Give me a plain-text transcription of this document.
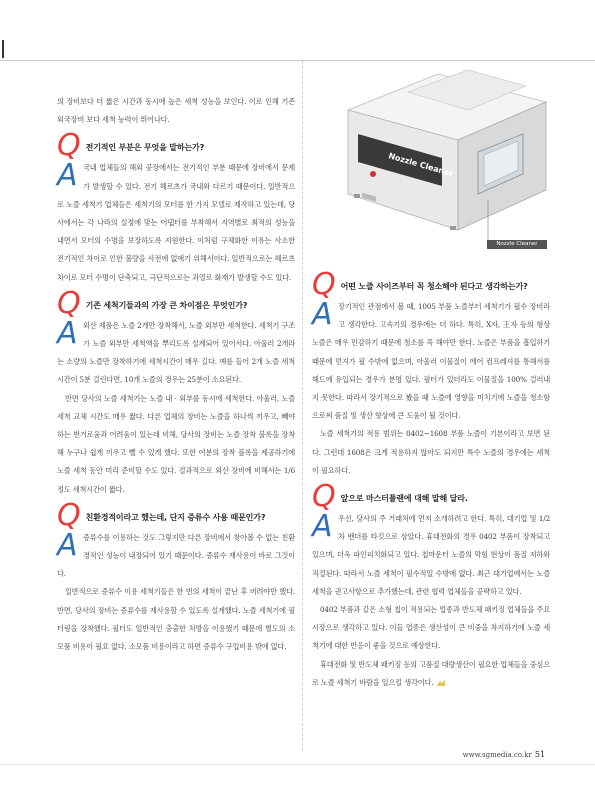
의 장비보다 더 짧은 시간과 동시에 높은 세척 성능을 보인다. 이로 인해 기존 외국장비 보다 세척 능력이 뛰어나다.

Q 전기적인 부분은 무엇을 말하는가?
A 국내 업체들의 해외 공장에서는 전기적인 부분 때문에 장비에서 문제가 발생할 수 있다. 전기 헤르츠가 국내와 다르기 때문이다. 일반적으로 노즐 세척기 업체들은 세척기의 모터를 한 가지 모델로 제작하고 있는데, 당사에서는 각 나라의 실정에 맞는 어댑터를 부착해서 지역별로 최적의 성능을 내면서 모터의 수명을 보장하도록 지원한다. 이처럼 구체화한 이유는 사소한 전기적인 차이로 인한 불량을 사전에 없애기 위해서이다. 일반적으로는 헤르츠 차이로 모터 수명이 단축되고, 극단적으로는 과열로 화재가 발생할 수도 있다.

Q 기존 세척기들과의 가장 큰 차이점은 무엇인가?
A 외산 제품은 노즐 2개만 장착해서, 노즐 외부만 세척한다. 세척기 구조가 노즐 외부만 세척액을 뿌리도록 설계되어 있어서다. 아울러 2개라는 소량의 노즐만 장착하기에 세척시간이 매우 길다. 예를 들어 2개 노즐 세척 시간이 5분 걸린다면, 10개 노즐의 경우는 25분이 소요된다.

반면 당사의 노즐 세척기는 노즐 내 · 외부를 동시에 세척한다. 아울러, 노즐 세척 교체 시간도 매우 짧다. 다른 업체의 장비는 노즐을 하나씩 끼우고, 빼야 하는 번거로움과 어려움이 있는데 비해, 당사의 장비는 노즐 장착 블록을 장착해 누구나 쉽게 끼우고 뺄 수 있게 했다. 또한 여분의 장착 블록을 제공하기에 노즐 세척 동안 미리 준비할 수도 있다. 결과적으로 외산 장비에 비해서는 1/6정도 세척시간이 짧다.

Q 친환경적이라고 했는데, 단지 증류수 사용 때문인가?
A 증류수를 이용하는 것도 그렇지만 다른 장비에서 찾아볼 수 없는 친환경적인 성능이 내장되어 있기 때문이다. 증류수 재사용이 바로 그것이다.

일반적으로 증류수 이용 세척기들은 한 번의 세척이 끝난 후 버려야만 했다. 반면, 당사의 장비는 증류수를 재사용할 수 있도록 설계했다. 노즐 세척기에 필터링을 장착했다. 필터도 일반적인 충출한 처방을 이용했기 때문에 별도의 소모품 비용이 필요 없다. 소모품 비용이라고 하면 증류수 구입비용 밖에 없다.

Nozzle Cleaner
Nozzle Cleaner
Q 어떤 노즐 사이즈부터 꼭 청소해야 된다고 생각하는가?
A 장기적인 관점에서 볼 때, 1005 부품 노즐부터 세척기가 필수 장비라고 생각한다. 고속기의 경우에는 더 하다. 특히, X자, 王자 등의 형상 노즐은 매우 민감하기 때문에 청소를 꼭 해야만 한다. 노즐은 부품을 흡입하기 때문에 먼지가 필 수밖에 없으며, 아울러 이물질이 에어 컴프레셔를 통해서를 헤드에 유입되는 경우가 분명 있다. 필터가 있더라도 이물질을 100% 걸러내지 못한다. 따라서 장기적으로 봤을 때 노즐에 영향을 미치기에 노즐을 청소함으로써 품질 및 생산 향상에 큰 도움이 될 것이다.

노즐 세척기의 적용 범위는 0402~1608 부품 노즐이 기본이라고 보면 된다. 그런데 1608은 크게 적용하지 않아도 되지만 특수 노즐의 경우에는 세척이 필요하다.

Q 앞으로 마스터플랜에 대해 말해 달라.
A 우선, 당사의 주 거래처에 먼저 소개하려고 한다. 특히, 대기업 및 1/2차 벤더를 타깃으로 삼았다. 휴대전화의 경우 0402 부품이 장착되고 있으며, 더욱 파인피치화되고 있다. 칩마운터 노즐의 막힘 현상이 품질 저하와 직결된다. 따라서 노즐 세척이 필수적일 수밖에 없다. 최근 대기업에서는 노즐 세척을 권고사항으로 추가했는데, 관련 협력 업체들을 공략하고 있다.

0402 부품과 같은 소형 칩이 적용되는 업종과 반도체 패키징 업체들을 주요 시장으로 생각하고 있다. 이들 업종은 생산성이 큰 비중을 차지하기에 노즐 세척기에 대한 반응이 좋을 것으로 예상한다.

휴대전화 및 반도체 패키징 등의 고품질 대량생산이 필요한 업체들을 중심으로 노즐 세척기 바람을 일으킬 생각이다.

www.sgmedia.co.kr 51
